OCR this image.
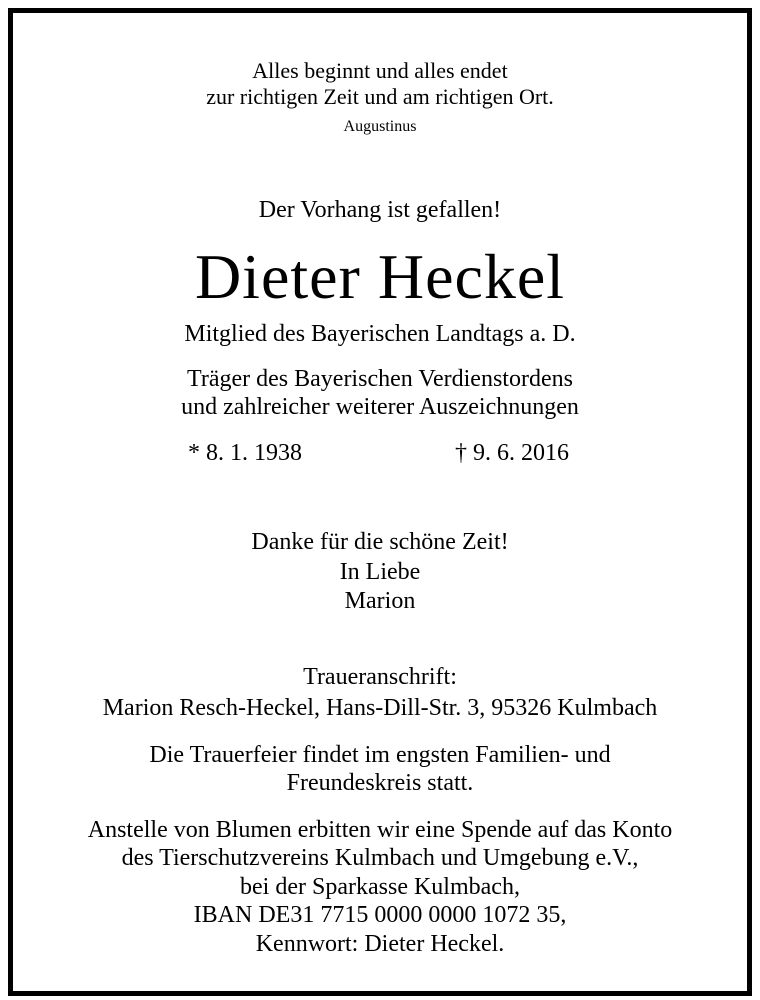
Alles beginnt und alles endet
zur richtigen Zeit und am richtigen Ort.
Augustinus
Der Vorhang ist gefallen!
Dieter Heckel
Mitglied des Bayerischen Landtags a. D.
Träger des Bayerischen Verdienstordens
und zahlreicher weiterer Auszeichnungen
* 8. 1. 1938	† 9. 6. 2016
Danke für die schöne Zeit!
In Liebe
Marion
Traueranschrift:
Marion Resch-Heckel, Hans-Dill-Str. 3, 95326 Kulmbach
Die Trauerfeier findet im engsten Familien- und
Freundeskreis statt.
Anstelle von Blumen erbitten wir eine Spende auf das Konto
des Tierschutzvereins Kulmbach und Umgebung e.V.,
bei der Sparkasse Kulmbach,
IBAN DE31 7715 0000 0000 1072 35,
Kennwort: Dieter Heckel.
